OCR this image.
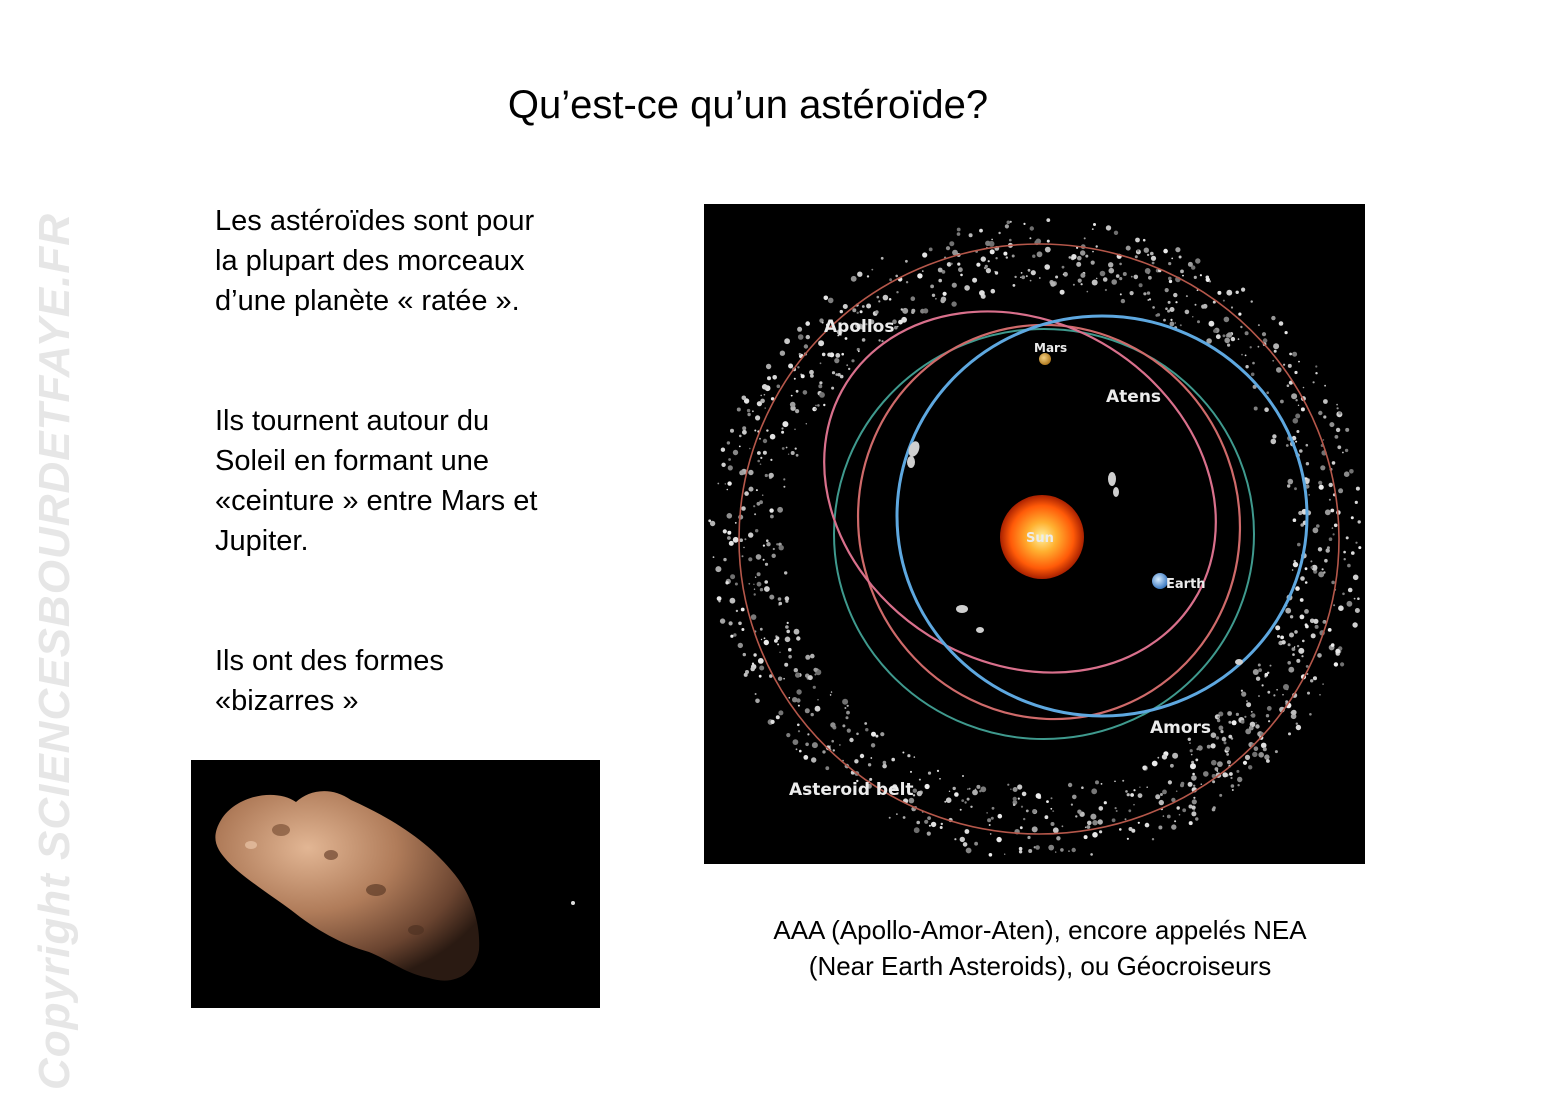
Qu’est-ce qu’un astéroïde?
Les astéroïdes sont pour
la plupart des morceaux
d’une planète « ratée ».
Ils tournent autour du
Soleil en formant une
«ceinture » entre Mars et
Jupiter.
Ils ont des formes
«bizarres »
Copyright SCIENCESBOURDETFAYE.FR	Apollos
Mars
Atens
Sun
Earth
Amors
Asteroid belt
AAA (Apollo-Amor-Aten), encore appelés NEA
(Near Earth Asteroids), ou Géocroiseurs
